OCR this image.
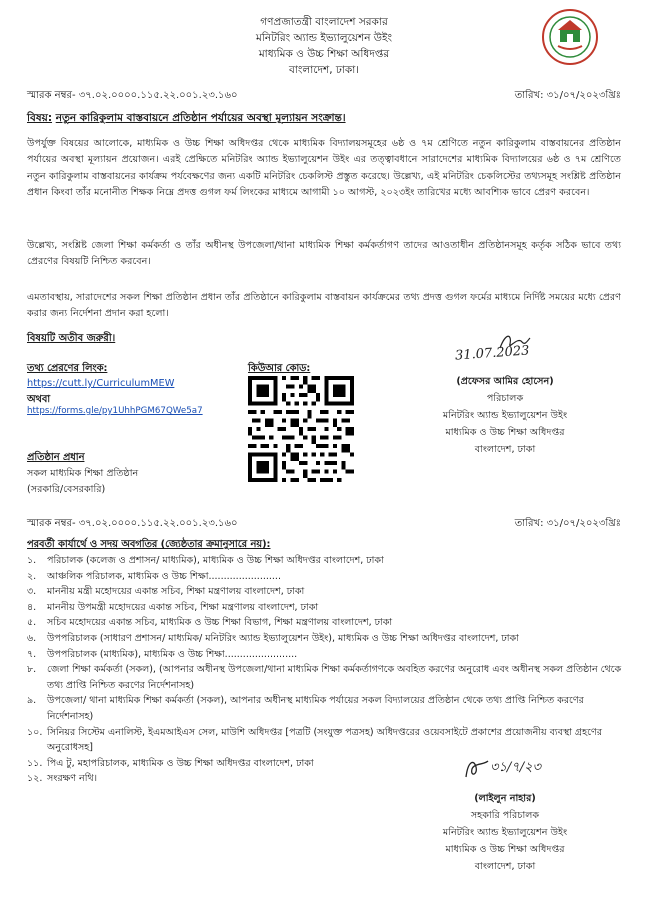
গণপ্রজাতন্ত্রী বাংলাদেশ সরকার
মনিটরিং অ্যান্ড ইভ্যালুয়েশন উইং
মাধ্যমিক ও উচ্চ শিক্ষা অধিদপ্তর
বাংলাদেশ, ঢাকা।
স্মারক নম্বর- ৩৭.০২.০০০০.১১৫.২২.০০১.২৩.১৬০	তারিখ: ৩১/০৭/২০২৩খ্রিঃ
বিষয়: নতুন কারিকুলাম বাস্তবায়নে প্রতিষ্ঠান পর্যায়ের অবস্থা মূল্যায়ন সংক্রান্ত।
উপর্যুক্ত বিষয়ের আলোকে, মাধ্যমিক ও উচ্চ শিক্ষা অধিদপ্তর থেকে মাধ্যমিক বিদ্যালয়সমূহের ৬ষ্ঠ ও ৭ম শ্রেণিতে নতুন কারিকুলাম বাস্তবায়নের প্রতিষ্ঠান পর্যায়ের অবস্থা মূল্যায়ন প্রয়োজন। এরই প্রেক্ষিতে মনিটরিং অ্যান্ড ইভ্যালুয়েশন উইং এর তত্ত্বাবধানে সারাদেশের মাধ্যমিক বিদ্যালয়ের ৬ষ্ঠ ও ৭ম শ্রেণিতে নতুন কারিকুলাম বাস্তবায়নের কার্যক্রম পর্যবেক্ষণের জন্য একটি মনিটরিং চেকলিস্ট প্রস্তুত করেছে। উল্লেখ্য, এই মনিটরিং চেকলিস্টের তথ্যসমূহ সংশ্লিষ্ট প্রতিষ্ঠান প্রধান কিংবা তাঁর মনোনীত শিক্ষক নিম্নে প্রদত্ত গুগল ফর্ম লিংকের মাধ্যমে আগামী ১০ আগস্ট, ২০২৩ইং তারিখের মধ্যে আবশ্যিক ভাবে প্রেরণ করবেন।
উল্লেখ্য, সংশ্লিষ্ট জেলা শিক্ষা কর্মকর্তা ও তাঁর অধীনস্থ উপজেলা/থানা মাধ্যমিক শিক্ষা কর্মকর্তাগণ তাদের আওতাধীন প্রতিষ্ঠানসমূহ কর্তৃক সঠিক ভাবে তথ্য প্রেরণের বিষয়টি নিশ্চিত করবেন।
এমতাবস্থায়, সারাদেশের সকল শিক্ষা প্রতিষ্ঠান প্রধান তাঁর প্রতিষ্ঠানে কারিকুলাম বাস্তবায়ন কার্যক্রমের তথ্য প্রদত্ত গুগল ফর্মের মাধ্যমে নির্দিষ্ট সময়ের মধ্যে প্রেরণ করার জন্য নির্দেশনা প্রদান করা হলো।
বিষয়টি অতীব জরুরী।
তথ্য প্রেরণের লিংক:
https://cutt.ly/CurriculumMEW
অথবা
https://forms.gle/py1UhhPGM67QWe5a7
কিউআর কোড:
31.07.2023
(প্রফেসর আমির হোসেন)
পরিচালক
মনিটরিং অ্যান্ড ইভ্যালুয়েশন উইং
মাধ্যমিক ও উচ্চ শিক্ষা অধিদপ্তর
বাংলাদেশ, ঢাকা
প্রতিষ্ঠান প্রধান
সকল মাধ্যমিক শিক্ষা প্রতিষ্ঠান
(সরকারি/বেসরকারি)
স্মারক নম্বর- ৩৭.০২.০০০০.১১৫.২২.০০১.২৩.১৬০	তারিখ: ৩১/০৭/২০২৩খ্রিঃ
পরবর্তী কার্যার্থে ও সদয় অবগতির (জ্যেষ্ঠতার ক্রমানুসারে নয়):
১.	পরিচালক (কলেজ ও প্রশাসন/ মাধ্যমিক), মাধ্যমিক ও উচ্চ শিক্ষা অধিদপ্তর বাংলাদেশ, ঢাকা
২.	আঞ্চলিক পরিচালক, মাধ্যমিক ও উচ্চ শিক্ষা........................
৩.	মাননীয় মন্ত্রী মহোদয়ের একান্ত সচিব, শিক্ষা মন্ত্রণালয় বাংলাদেশ, ঢাকা
৪.	মাননীয় উপমন্ত্রী মহোদয়ের একান্ত সচিব, শিক্ষা মন্ত্রণালয় বাংলাদেশ, ঢাকা
৫.	সচিব মহোদয়ের একান্ত সচিব, মাধ্যমিক ও উচ্চ শিক্ষা বিভাগ, শিক্ষা মন্ত্রণালয় বাংলাদেশ, ঢাকা
৬.	উপপরিচালক (সাধারণ প্রশাসন/ মাধ্যমিক/ মনিটরিং অ্যান্ড ইভ্যালুয়েশন উইং), মাধ্যমিক ও উচ্চ শিক্ষা অধিদপ্তর বাংলাদেশ, ঢাকা
৭.	উপপরিচালক (মাধ্যমিক), মাধ্যমিক ও উচ্চ শিক্ষা........................
৮.	জেলা শিক্ষা কর্মকর্তা (সকল), (আপনার অধীনস্থ উপজেলা/থানা মাধ্যমিক শিক্ষা কর্মকর্তাগণকে অবহিত করণের অনুরোধ এবং অধীনস্থ সকল প্রতিষ্ঠান থেকে তথ্য প্রাপ্তি নিশ্চিত করণের নির্দেশনাসহ)
৯.	উপজেলা/ থানা মাধ্যমিক শিক্ষা কর্মকর্তা (সকল), আপনার অধীনস্থ মাধ্যমিক পর্যায়ের সকল বিদ্যালয়ের প্রতিষ্ঠান থেকে তথ্য প্রাপ্তি নিশ্চিত করণের নির্দেশনাসহ)
১০. সিনিয়র সিস্টেম এনালিস্ট, ইএমআইএস সেল, মাউশি অধিদপ্তর [পত্রটি (সংযুক্ত পত্রসহ) অধিদপ্তরের ওয়েবসাইটে প্রকাশের প্রয়োজনীয় ব্যবস্থা গ্রহণের অনুরোধসহ]
১১. পিএ টু, মহাপরিচালক, মাধ্যমিক ও উচ্চ শিক্ষা অধিদপ্তর বাংলাদেশ, ঢাকা
১২. সংরক্ষণ নথি।
৩১/৭/২৩
(লাইলুন নাহার)
সহকারি পরিচালক
মনিটরিং অ্যান্ড ইভ্যালুয়েশন উইং
মাধ্যমিক ও উচ্চ শিক্ষা অধিদপ্তর
বাংলাদেশ, ঢাকা
